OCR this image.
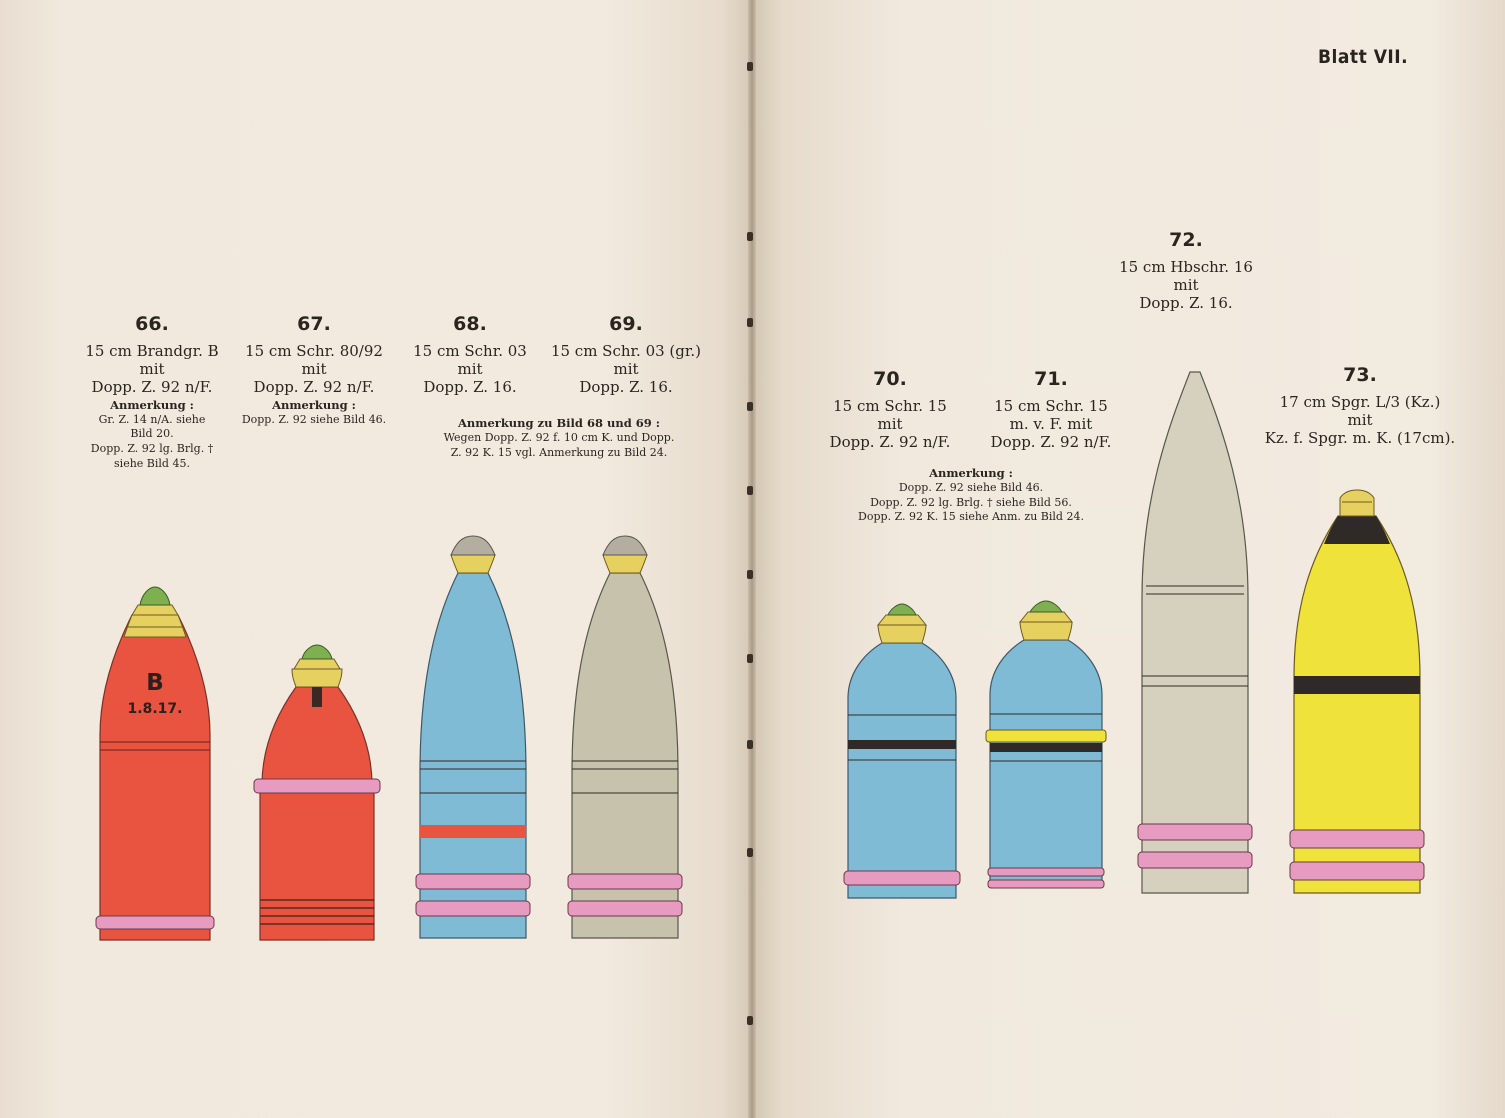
Blatt VII.
66.
15 cm Brandgr. B
mit
Dopp. Z. 92 n/F.
Anmerkung :
Gr. Z. 14 n/A. siehe
Bild 20.
Dopp. Z. 92 lg. Brlg. †
siehe Bild 45.
67.
15 cm Schr. 80/92
mit
Dopp. Z. 92 n/F.
Anmerkung :
Dopp. Z. 92 siehe Bild 46.
68.
15 cm Schr. 03
mit
Dopp. Z. 16.
69.
15 cm Schr. 03 (gr.)
mit
Dopp. Z. 16.
Anmerkung zu Bild 68 und 69 :
Wegen Dopp. Z. 92 f. 10 cm K. und Dopp.
Z. 92 K. 15 vgl. Anmerkung zu Bild 24.
70.
15 cm Schr. 15
mit
Dopp. Z. 92 n/F.
71.
15 cm Schr. 15
m. v. F. mit
Dopp. Z. 92 n/F.
Anmerkung :
Dopp. Z. 92 siehe Bild 46.
Dopp. Z. 92 lg. Brlg. † siehe Bild 56.
Dopp. Z. 92 K. 15 siehe Anm. zu Bild 24.
72.
15 cm Hbschr. 16
mit
Dopp. Z. 16.
73.
17 cm Spgr. L/3 (Kz.)
mit
Kz. f. Spgr. m. K. (17cm).
B
1.8.17.
